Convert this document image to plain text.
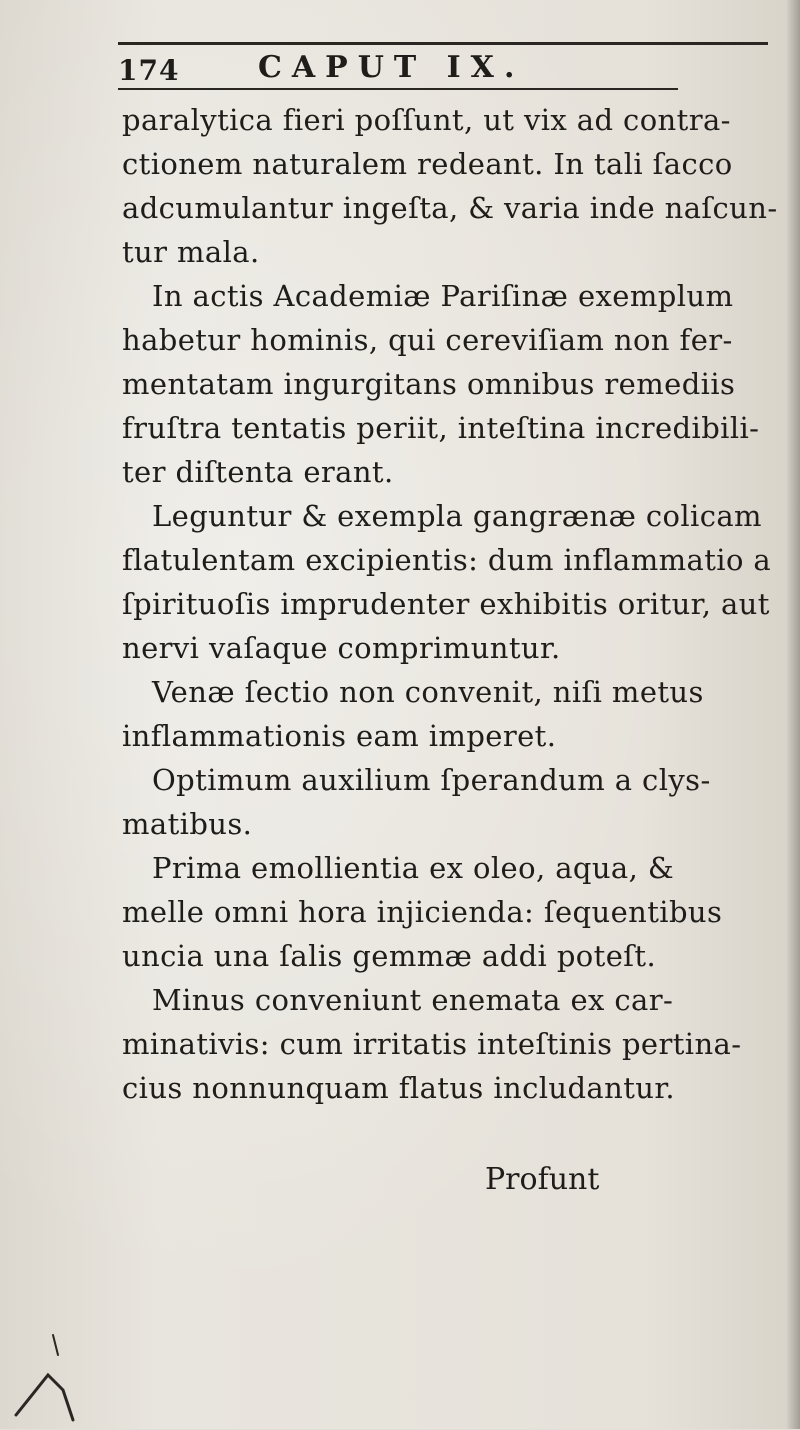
174	CAPUT IX.
paralytica fieri poſſunt, ut vix ad contra-
ctionem naturalem redeant. In tali ſacco
adcumulantur ingeſta, & varia inde naſcun-
tur mala.
In actis Academiæ Pariſinæ exemplum
habetur hominis, qui cereviſiam non fer-
mentatam ingurgitans omnibus remediis
fruſtra tentatis periit, inteſtina incredibili-
ter diſtenta erant.
Leguntur & exempla gangrænæ colicam
flatulentam excipientis: dum inflammatio a
ſpirituoſis imprudenter exhibitis oritur, aut
nervi vaſaque comprimuntur.
Venæ ſectio non convenit, niſi metus
inflammationis eam imperet.
Optimum auxilium ſperandum a clys-
matibus.
Prima emollientia ex oleo, aqua, &
melle omni hora injicienda: ſequentibus
uncia una ſalis gemmæ addi poteſt.
Minus conveniunt enemata ex car-
minativis: cum irritatis inteſtinis pertina-
cius nonnunquam flatus includantur.
Profunt
